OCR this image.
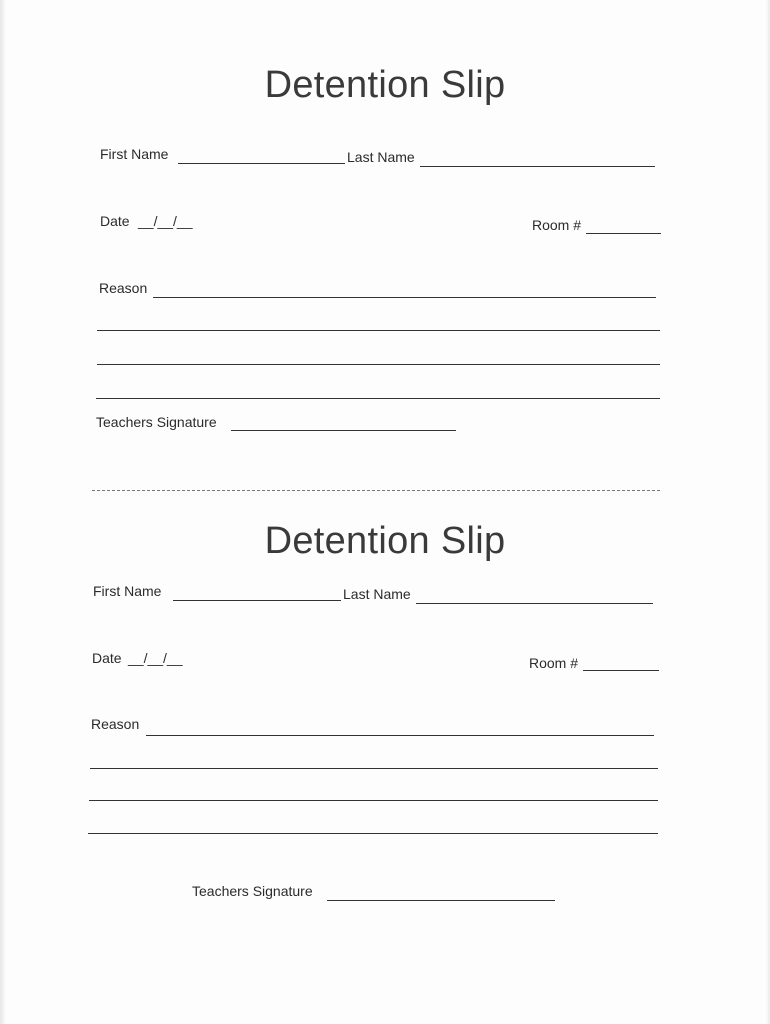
Detention Slip
First Name	Last Name
Date __/__/__	Room #
Reason
Teachers Signature
Detention Slip
First Name	Last Name
Date __/__/__	Room #
Reason
Teachers Signature
